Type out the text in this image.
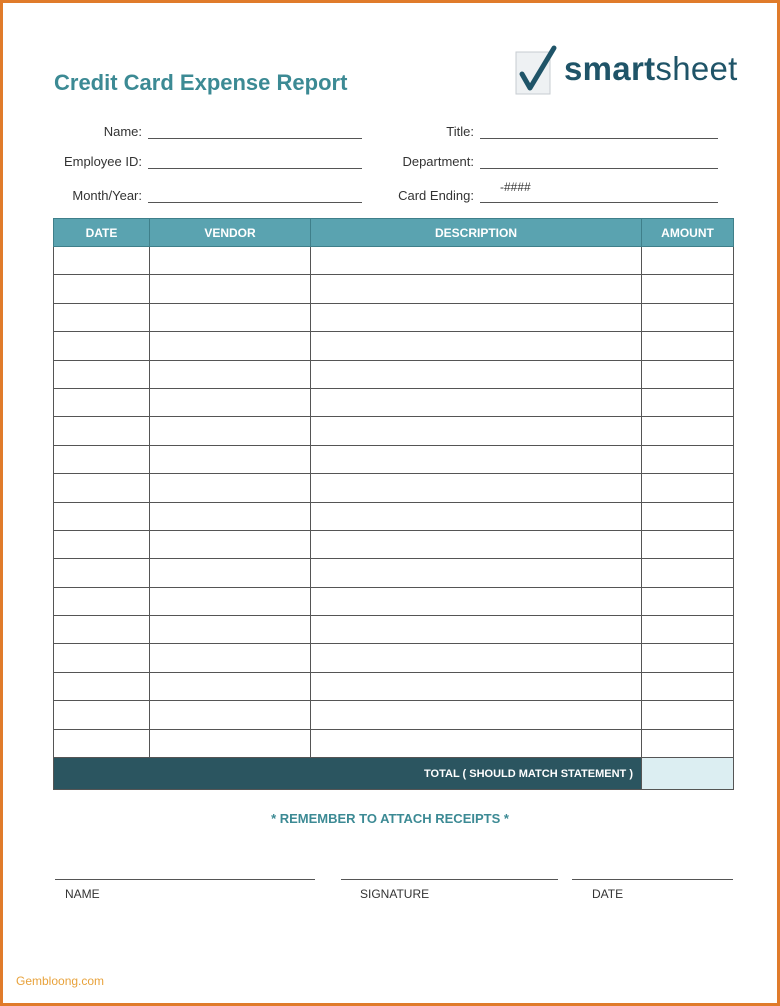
Credit Card Expense Report	smartsheet
Name:
Employee ID:
Month/Year:
Title:
Department:
Card Ending:
-####
DATE	VENDOR	DESCRIPTION	AMOUNT

TOTAL ( SHOULD MATCH STATEMENT )			
* REMEMBER TO ATTACH RECEIPTS *
NAME	SIGNATURE	DATE
Gembloong.com
